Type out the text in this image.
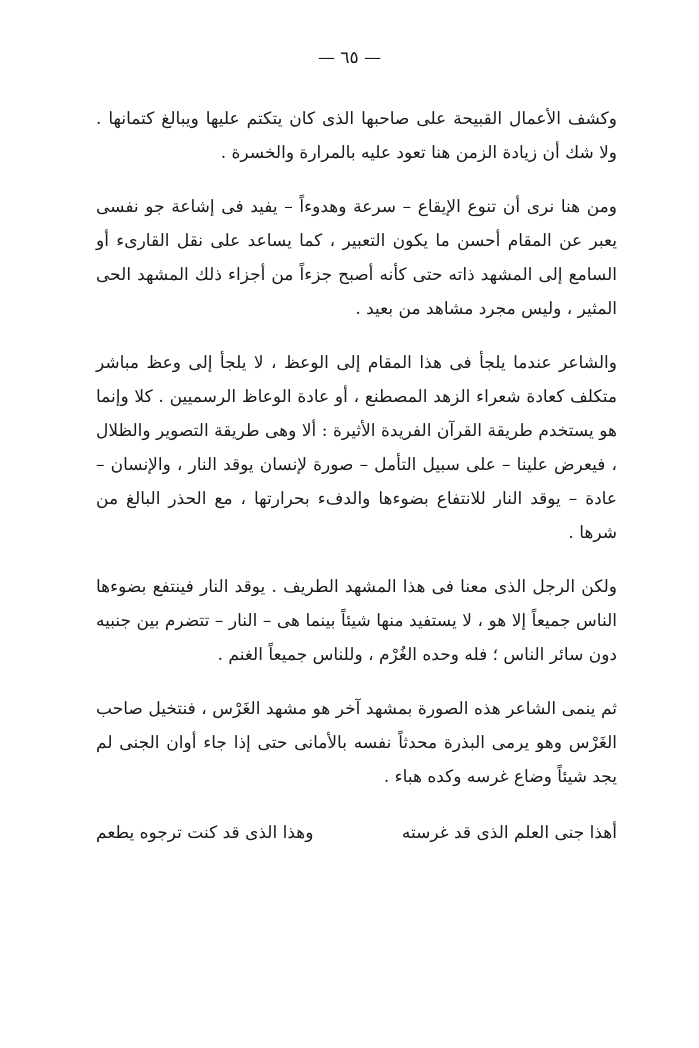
— ٦٥ —

وكشف الأعمال القبيحة على صاحبها الذى كان يتكتم عليها ويبالغ كتمانها . ولا شك أن زيادة الزمن هنا تعود عليه بالمرارة والخسرة .

ومن هنا نرى أن تنوع الإيقاع – سرعة وهدوءاً – يفيد فى إشاعة جو نفسى يعبر عن المقام أحسن ما يكون التعبير ، كما يساعد على نقل القارىء أو السامع إلى المشهد ذاته حتى كأنه أصبح جزءاً من أجزاء ذلك المشهد الحى المثير ، وليس مجرد مشاهد من بعيد .

والشاعر عندما يلجأ فى هذا المقام إلى الوعظ ، لا يلجأ إلى وعظ مباشر متكلف كعادة شعراء الزهد المصطنع ، أو عادة الوعاظ الرسميين . كلا وإنما هو يستخدم طريقة القرآن الفريدة الأثيرة : ألا وهى طريقة التصوير والظلال ، فيعرض علينا – على سبيل التأمل – صورة لإنسان يوقد النار ، والإنسان – عادة – يوقد النار للانتفاع بضوءها والدفء بحرارتها ، مع الحذر البالغ من شرها .

ولكن الرجل الذى معنا فى هذا المشهد الطريف . يوقد النار فينتفع بضوءها الناس جميعاً إلا هو ، لا يستفيد منها شيئاً بينما هى – النار – تتضرم بين جنبيه دون سائر الناس ؛ فله وحده الغُرْم ، وللناس جميعاً الغنم .

ثم ينمى الشاعر هذه الصورة بمشهد آخر هو مشهد الغَرْس ، فنتخيل صاحب الغَرْس وهو يرمى البذرة محدثاً نفسه بالأمانى حتى إذا جاء أوان الجنى لم يجد شيئاً وضاع غرسه وكده هباء .

أهذا جنى العلم الذى قد غرسته
وهذا الذى قد كنت ترجوه يطعم
